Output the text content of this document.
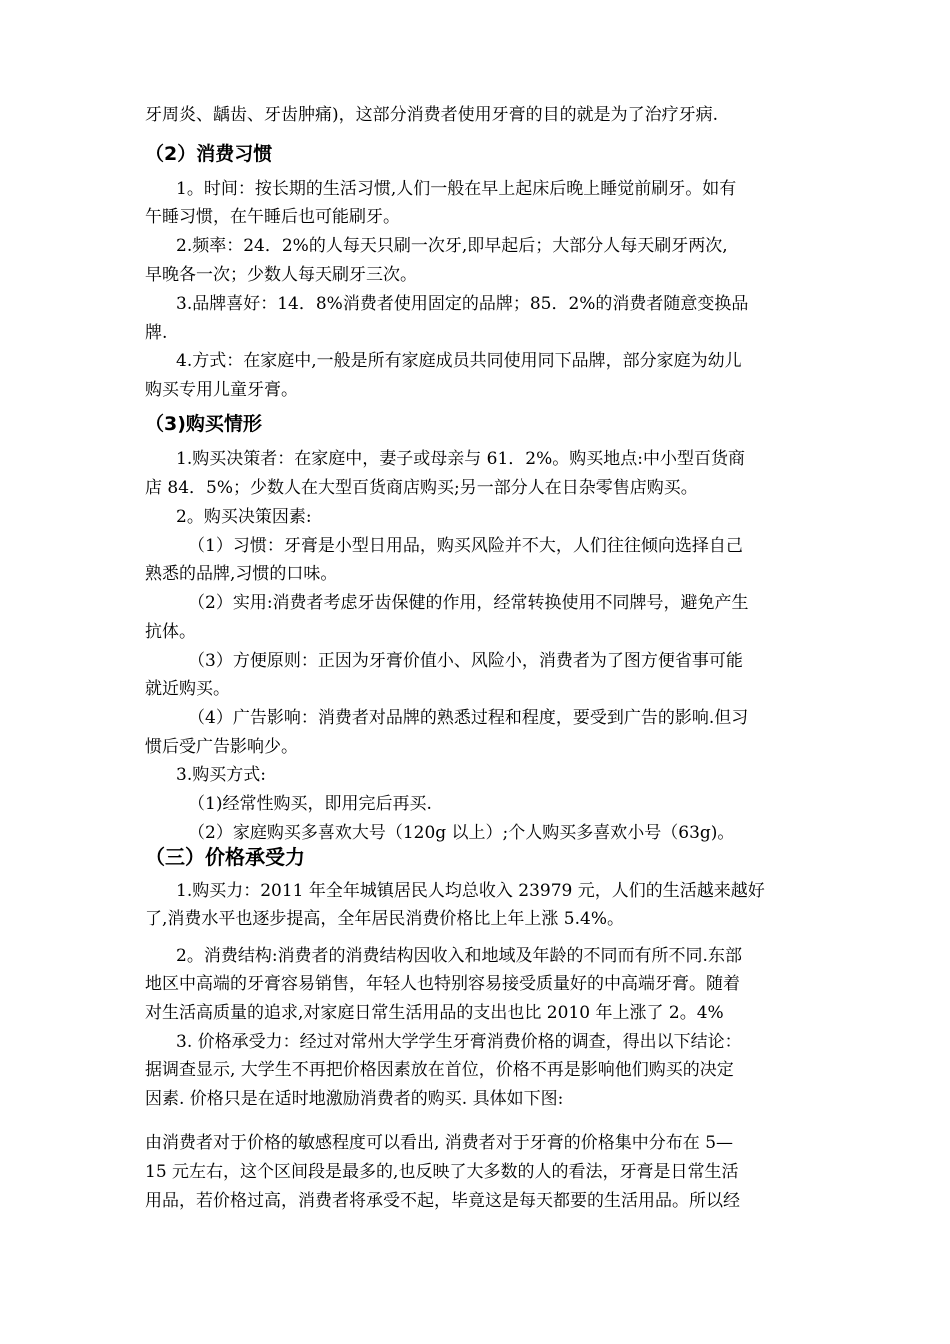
牙周炎、龋齿、牙齿肿痛)，这部分消费者使用牙膏的目的就是为了治疗牙病.
（2）消费习惯
1。时间：按长期的生活习惯,人们一般在早上起床后晚上睡觉前刷牙。如有
午睡习惯，在午睡后也可能刷牙。
2.频率：24．2%的人每天只刷一次牙,即早起后；大部分人每天刷牙两次,
早晚各一次；少数人每天刷牙三次。
3.品牌喜好：14．8%消费者使用固定的品牌；85．2%的消费者随意变换品
牌.
4.方式：在家庭中,一般是所有家庭成员共同使用同下品牌，部分家庭为幼儿
购买专用儿童牙膏。
（3)购买情形
1.购买决策者：在家庭中，妻子或母亲与 61．2%。购买地点:中小型百货商
店 84．5%；少数人在大型百货商店购买;另一部分人在日杂零售店购买。
2。购买决策因素:
（1）习惯：牙膏是小型日用品，购买风险并不大，人们往往倾向选择自己
熟悉的品牌,习惯的口味。
（2）实用:消费者考虑牙齿保健的作用，经常转换使用不同牌号，避免产生
抗体。
（3）方便原则：正因为牙膏价值小、风险小，消费者为了图方便省事可能
就近购买。
（4）广告影响：消费者对品牌的熟悉过程和程度，要受到广告的影响.但习
惯后受广告影响少。
3.购买方式:
（1)经常性购买，即用完后再买.
（2）家庭购买多喜欢大号（120g 以上）;个人购买多喜欢小号（63g)。
（三）价格承受力
1.购买力：2011 年全年城镇居民人均总收入 23979 元，人们的生活越来越好
了,消费水平也逐步提高，全年居民消费价格比上年上涨 5.4%。
2。消费结构:消费者的消费结构因收入和地域及年龄的不同而有所不同.东部
地区中高端的牙膏容易销售，年轻人也特别容易接受质量好的中高端牙膏。随着
对生活高质量的追求,对家庭日常生活用品的支出也比 2010 年上涨了 2。4%
3. 价格承受力：经过对常州大学学生牙膏消费价格的调查，得出以下结论：
据调查显示, 大学生不再把价格因素放在首位，价格不再是影响他们购买的决定
因素. 价格只是在适时地激励消费者的购买. 具体如下图:
由消费者对于价格的敏感程度可以看出, 消费者对于牙膏的价格集中分布在 5—
15 元左右，这个区间段是最多的,也反映了大多数的人的看法，牙膏是日常生活
用品，若价格过高，消费者将承受不起，毕竟这是每天都要的生活用品。所以经
